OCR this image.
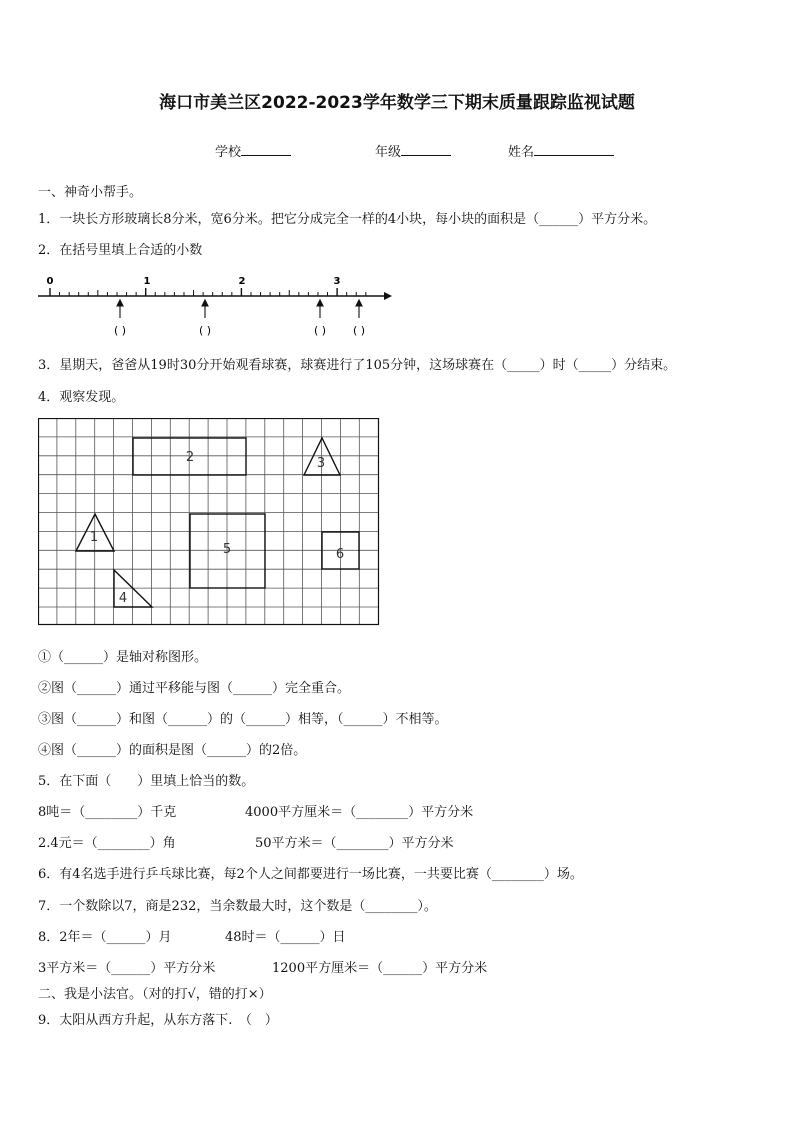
海口市美兰区2022-2023学年数学三下期末质量跟踪监视试题
学校	年级	姓名
一、神奇小帮手。
1．一块长方形玻璃长8分米，宽6分米。把它分成完全一样的4小块，每小块的面积是（______）平方分米。
2．在括号里填上合适的小数
0	1	2	3
( )	( )	( ) ( )
3．星期天，爸爸从19时30分开始观看球赛，球赛进行了105分钟，这场球赛在（_____）时（_____）分结束。
4．观察发现。
1
2	3
4
5	6
①（______）是轴对称图形。
②图（______）通过平移能与图（______）完全重合。
③图（______）和图（______）的（______）相等，（______）不相等。
④图（______）的面积是图（______）的2倍。
5．在下面（　　）里填上恰当的数。
8吨＝（________）千克	4000平方厘米＝（________）平方分米
2.4元＝（________）角	50平方米＝（________）平方分米
6．有4名选手进行乒乓球比赛，每2个人之间都要进行一场比赛，一共要比赛（________）场。
7．一个数除以7，商是232，当余数最大时，这个数是（________）。
8．2年＝（______）月	48时＝（______）日
3平方米＝（______）平方分米	1200平方厘米＝（______）平方分米
二、我是小法官。（对的打√，错的打×）
9．太阳从西方升起，从东方落下.　（　）
